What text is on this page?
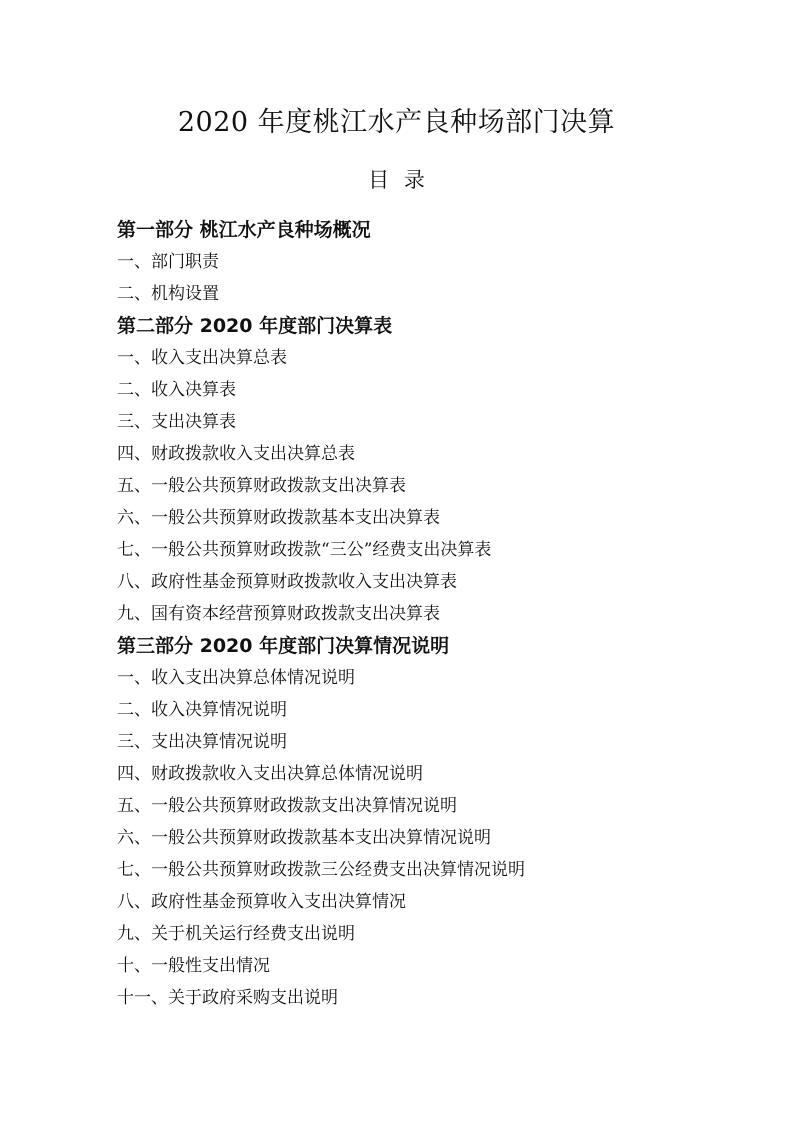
2020 年度桃江水产良种场部门决算
目 录
第一部分 桃江水产良种场概况
一、部门职责
二、机构设置
第二部分 2020 年度部门决算表
一、收入支出决算总表
二、收入决算表
三、支出决算表
四、财政拨款收入支出决算总表
五、一般公共预算财政拨款支出决算表
六、一般公共预算财政拨款基本支出决算表
七、一般公共预算财政拨款“三公”经费支出决算表
八、政府性基金预算财政拨款收入支出决算表
九、国有资本经营预算财政拨款支出决算表
第三部分 2020 年度部门决算情况说明
一、收入支出决算总体情况说明
二、收入决算情况说明
三、支出决算情况说明
四、财政拨款收入支出决算总体情况说明
五、一般公共预算财政拨款支出决算情况说明
六、一般公共预算财政拨款基本支出决算情况说明
七、一般公共预算财政拨款三公经费支出决算情况说明
八、政府性基金预算收入支出决算情况
九、关于机关运行经费支出说明
十、一般性支出情况
十一、关于政府采购支出说明
